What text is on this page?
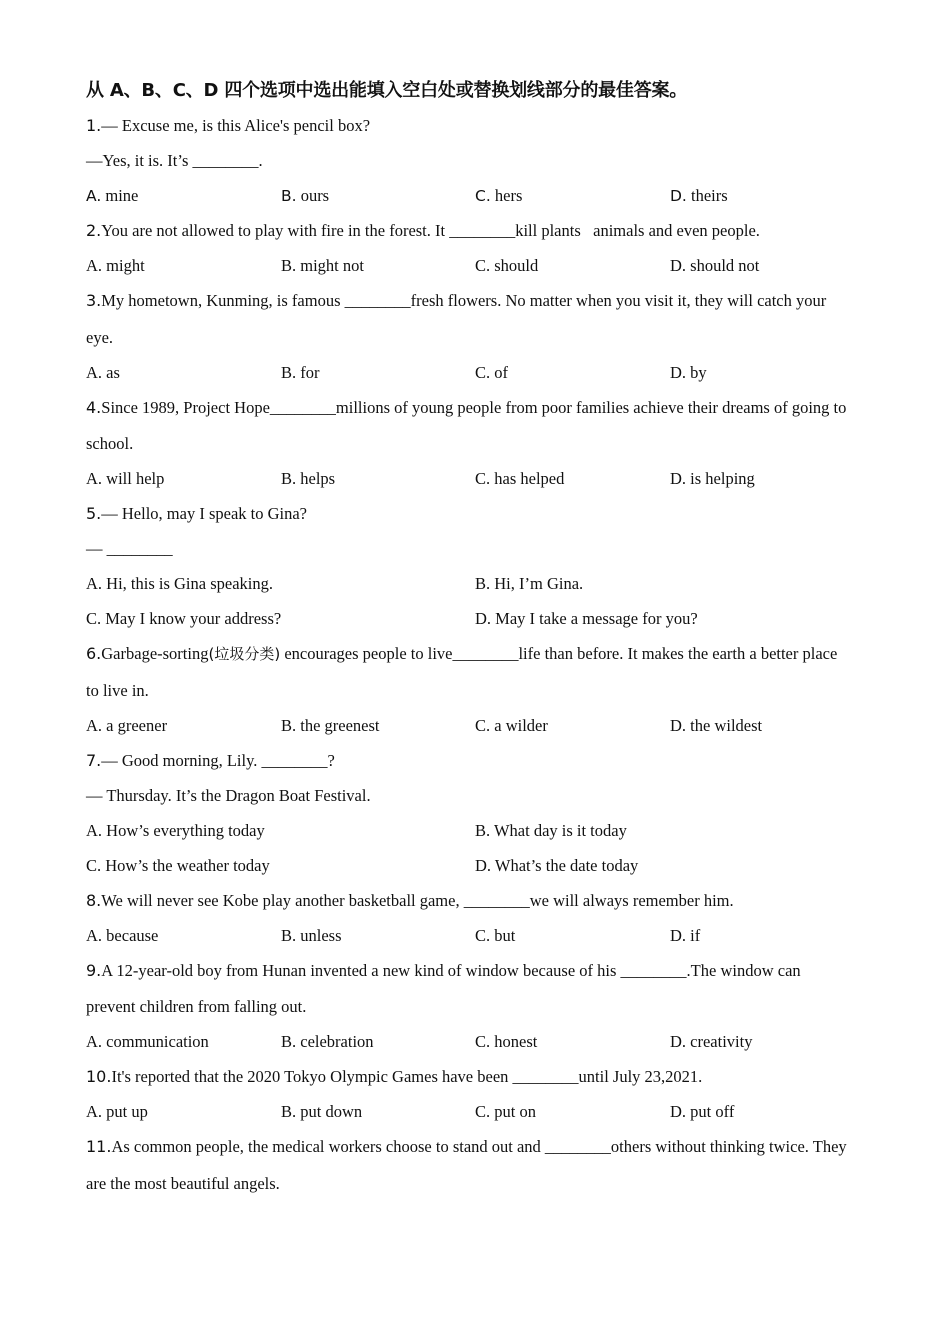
从 A、B、C、D 四个选项中选出能填入空白处或替换划线部分的最佳答案。
1.— Excuse me, is this Alice's pencil box?
—Yes, it is. It’s ________.
A. mine	B. ours	C. hers	D. theirs
2.You are not allowed to play with fire in the forest. It ________kill plants   animals and even people.
A. might	B. might not	C. should	D. should not
3.My hometown, Kunming, is famous ________fresh flowers. No matter when you visit it, they will catch your
eye.
A. as	B. for	C. of	D. by
4.Since 1989, Project Hope________millions of young people from poor families achieve their dreams of going to
school.
A. will help	B. helps	C. has helped	D. is helping
5.— Hello, may I speak to Gina?
— ________
A. Hi, this is Gina speaking.	B. Hi, I’m Gina.
C. May I know your address?	D. May I take a message for you?
6.Garbage-sorting(垃圾分类) encourages people to live________life than before. It makes the earth a better place
to live in.
A. a greener	B. the greenest	C. a wilder	D. the wildest
7.— Good morning, Lily. ________?
— Thursday. It’s the Dragon Boat Festival.
A. How’s everything today	B. What day is it today
C. How’s the weather today	D. What’s the date today
8.We will never see Kobe play another basketball game, ________we will always remember him.
A. because	B. unless	C. but	D. if
9.A 12-year-old boy from Hunan invented a new kind of window because of his ________.The window can
prevent children from falling out.
A. communication	B. celebration	C. honest	D. creativity
10.It's reported that the 2020 Tokyo Olympic Games have been ________until July 23,2021.
A. put up	B. put down	C. put on	D. put off
11.As common people, the medical workers choose to stand out and ________others without thinking twice. They
are the most beautiful angels.
